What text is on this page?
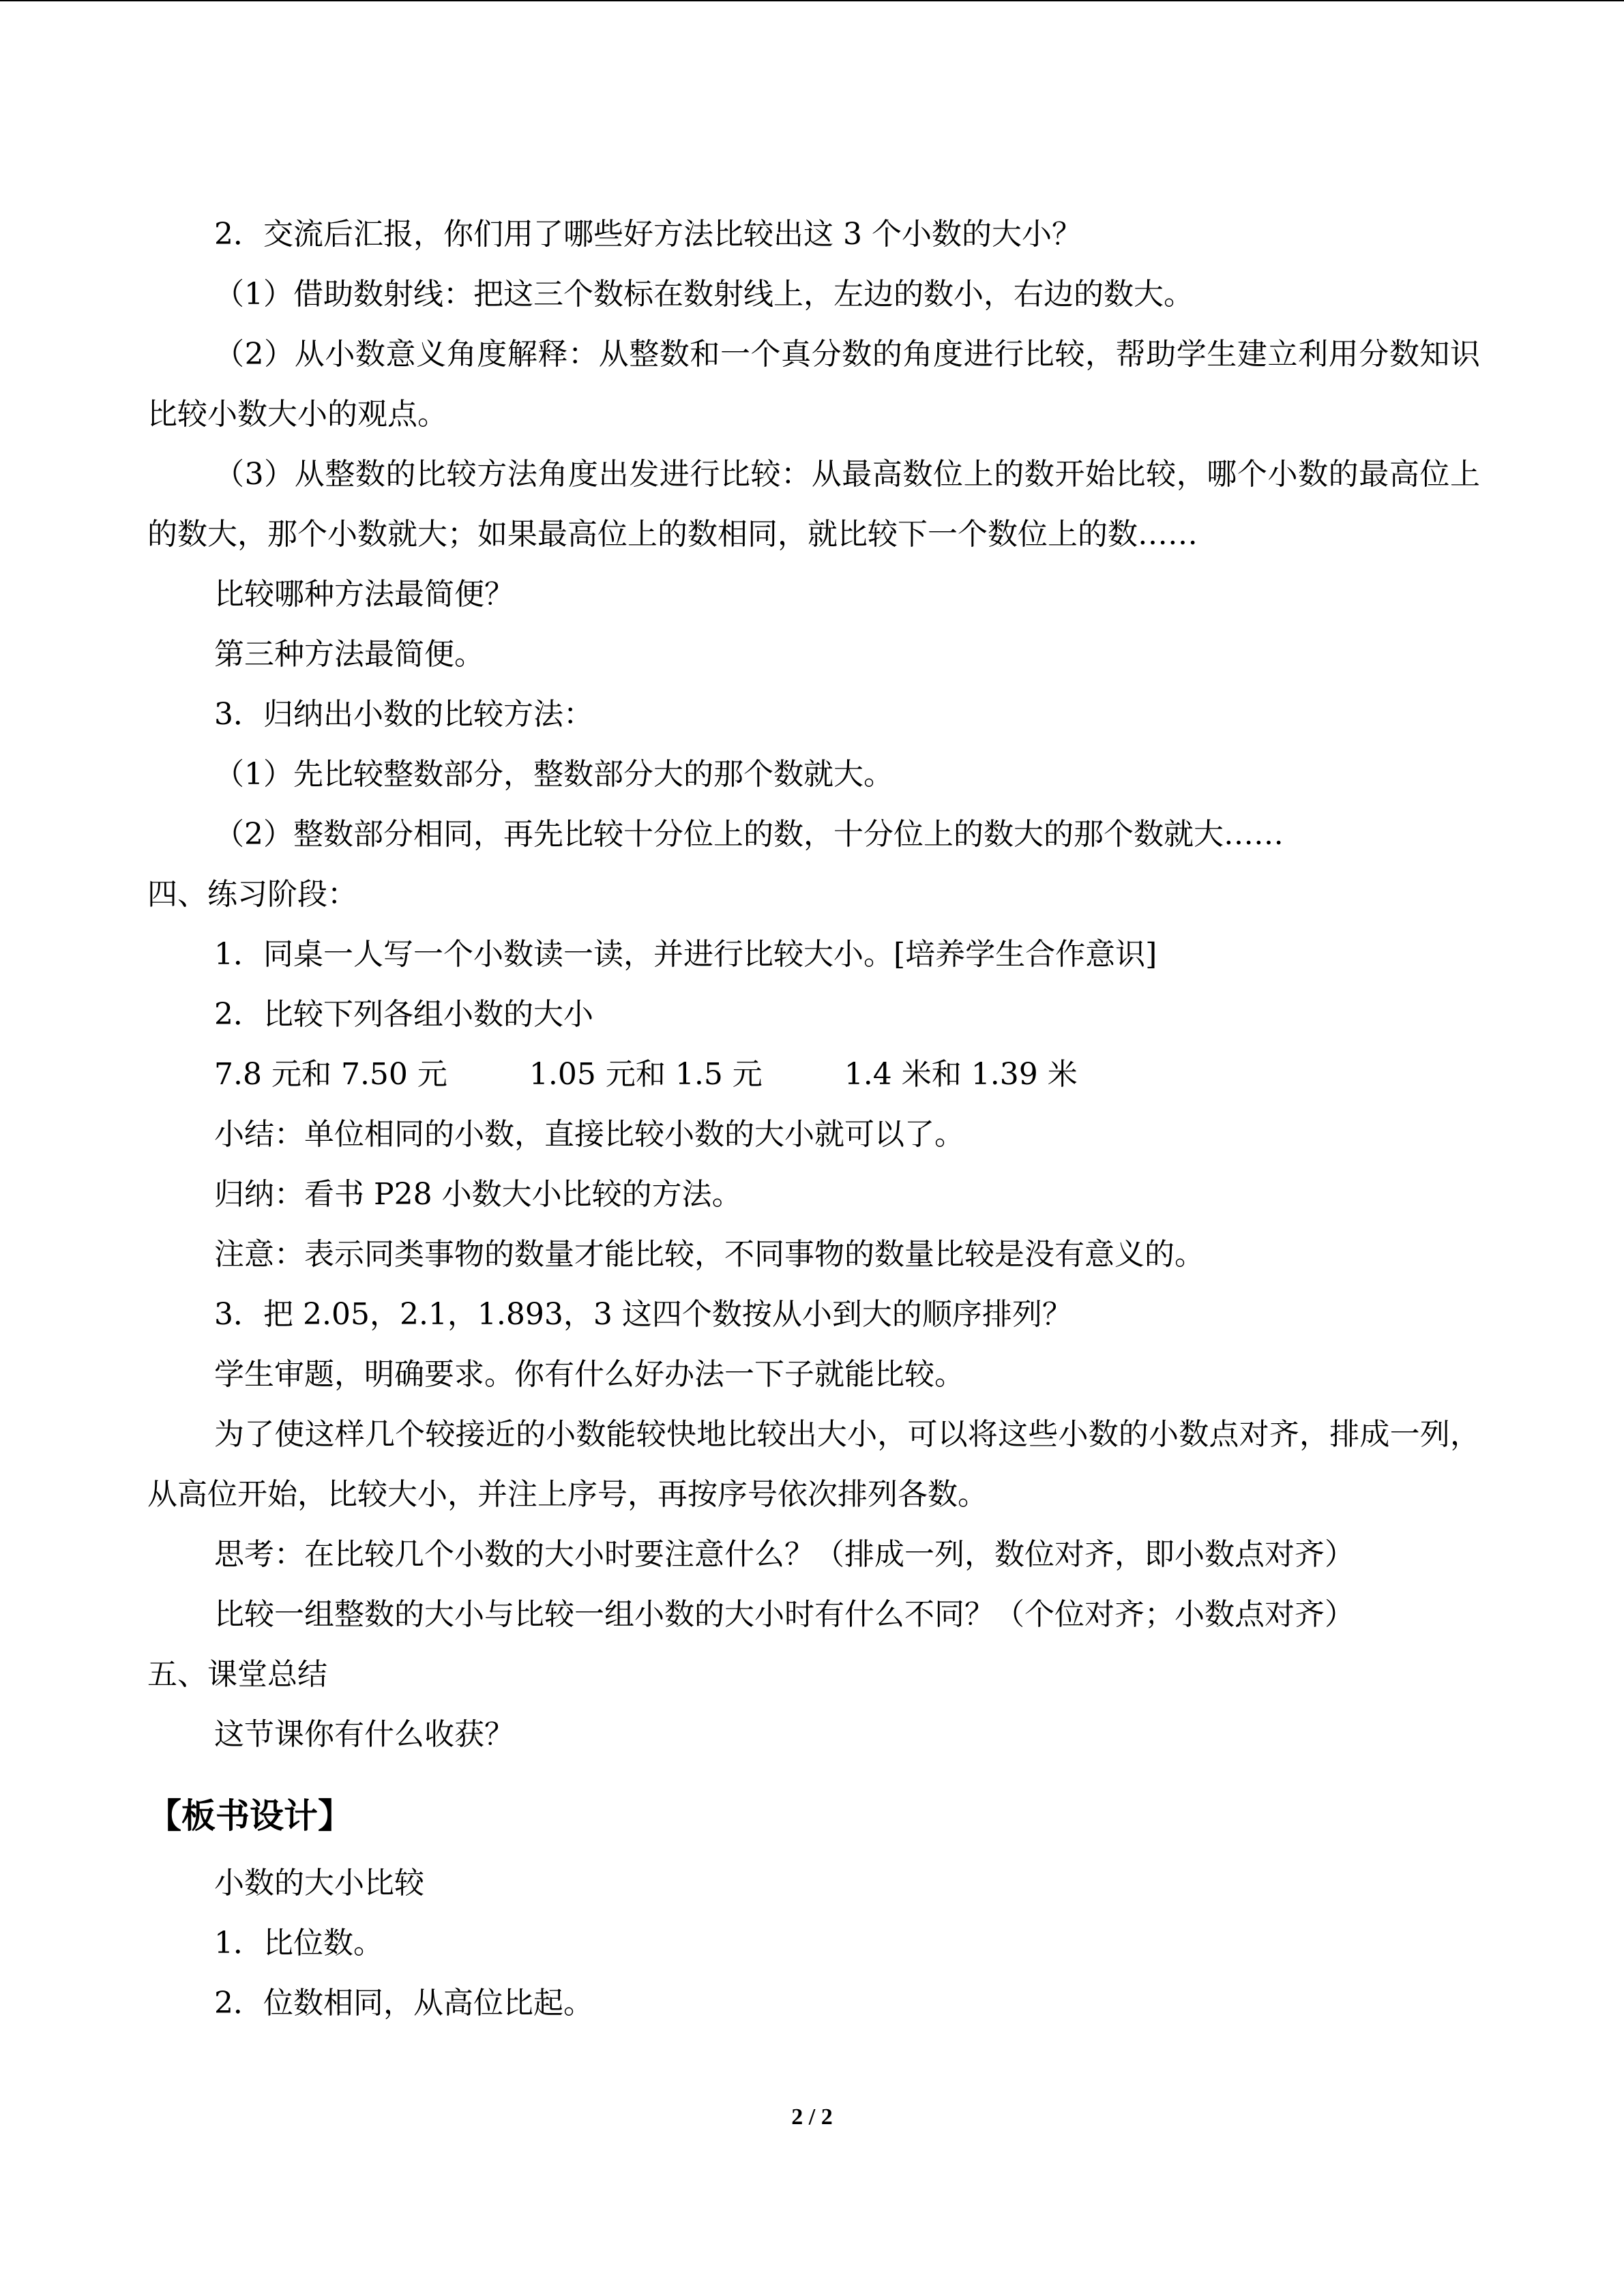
2．交流后汇报，你们用了哪些好方法比较出这 3 个小数的大小？

（1）借助数射线：把这三个数标在数射线上，左边的数小，右边的数大。

（2）从小数意义角度解释：从整数和一个真分数的角度进行比较，帮助学生建立利用分数知识比较小数大小的观点。

（3）从整数的比较方法角度出发进行比较：从最高数位上的数开始比较，哪个小数的最高位上的数大，那个小数就大；如果最高位上的数相同，就比较下一个数位上的数……

比较哪种方法最简便？

第三种方法最简便。

3．归纳出小数的比较方法：

（1）先比较整数部分，整数部分大的那个数就大。

（2）整数部分相同，再先比较十分位上的数，十分位上的数大的那个数就大……

四、练习阶段：

1．同桌一人写一个小数读一读，并进行比较大小。[培养学生合作意识]

2．比较下列各组小数的大小

7.8 元和 7.50 元	1.05 元和 1.5 元	1.4 米和 1.39 米

小结：单位相同的小数，直接比较小数的大小就可以了。

归纳：看书 P28 小数大小比较的方法。

注意：表示同类事物的数量才能比较，不同事物的数量比较是没有意义的。

3．把 2.05，2.1，1.893，3 这四个数按从小到大的顺序排列？

学生审题，明确要求。你有什么好办法一下子就能比较。

为了使这样几个较接近的小数能较快地比较出大小，可以将这些小数的小数点对齐，排成一列，从高位开始，比较大小，并注上序号，再按序号依次排列各数。

思考：在比较几个小数的大小时要注意什么？（排成一列，数位对齐，即小数点对齐）

比较一组整数的大小与比较一组小数的大小时有什么不同？（个位对齐；小数点对齐）

五、课堂总结

这节课你有什么收获？

【板书设计】

小数的大小比较

1．比位数。

2．位数相同，从高位比起。

2 / 2
